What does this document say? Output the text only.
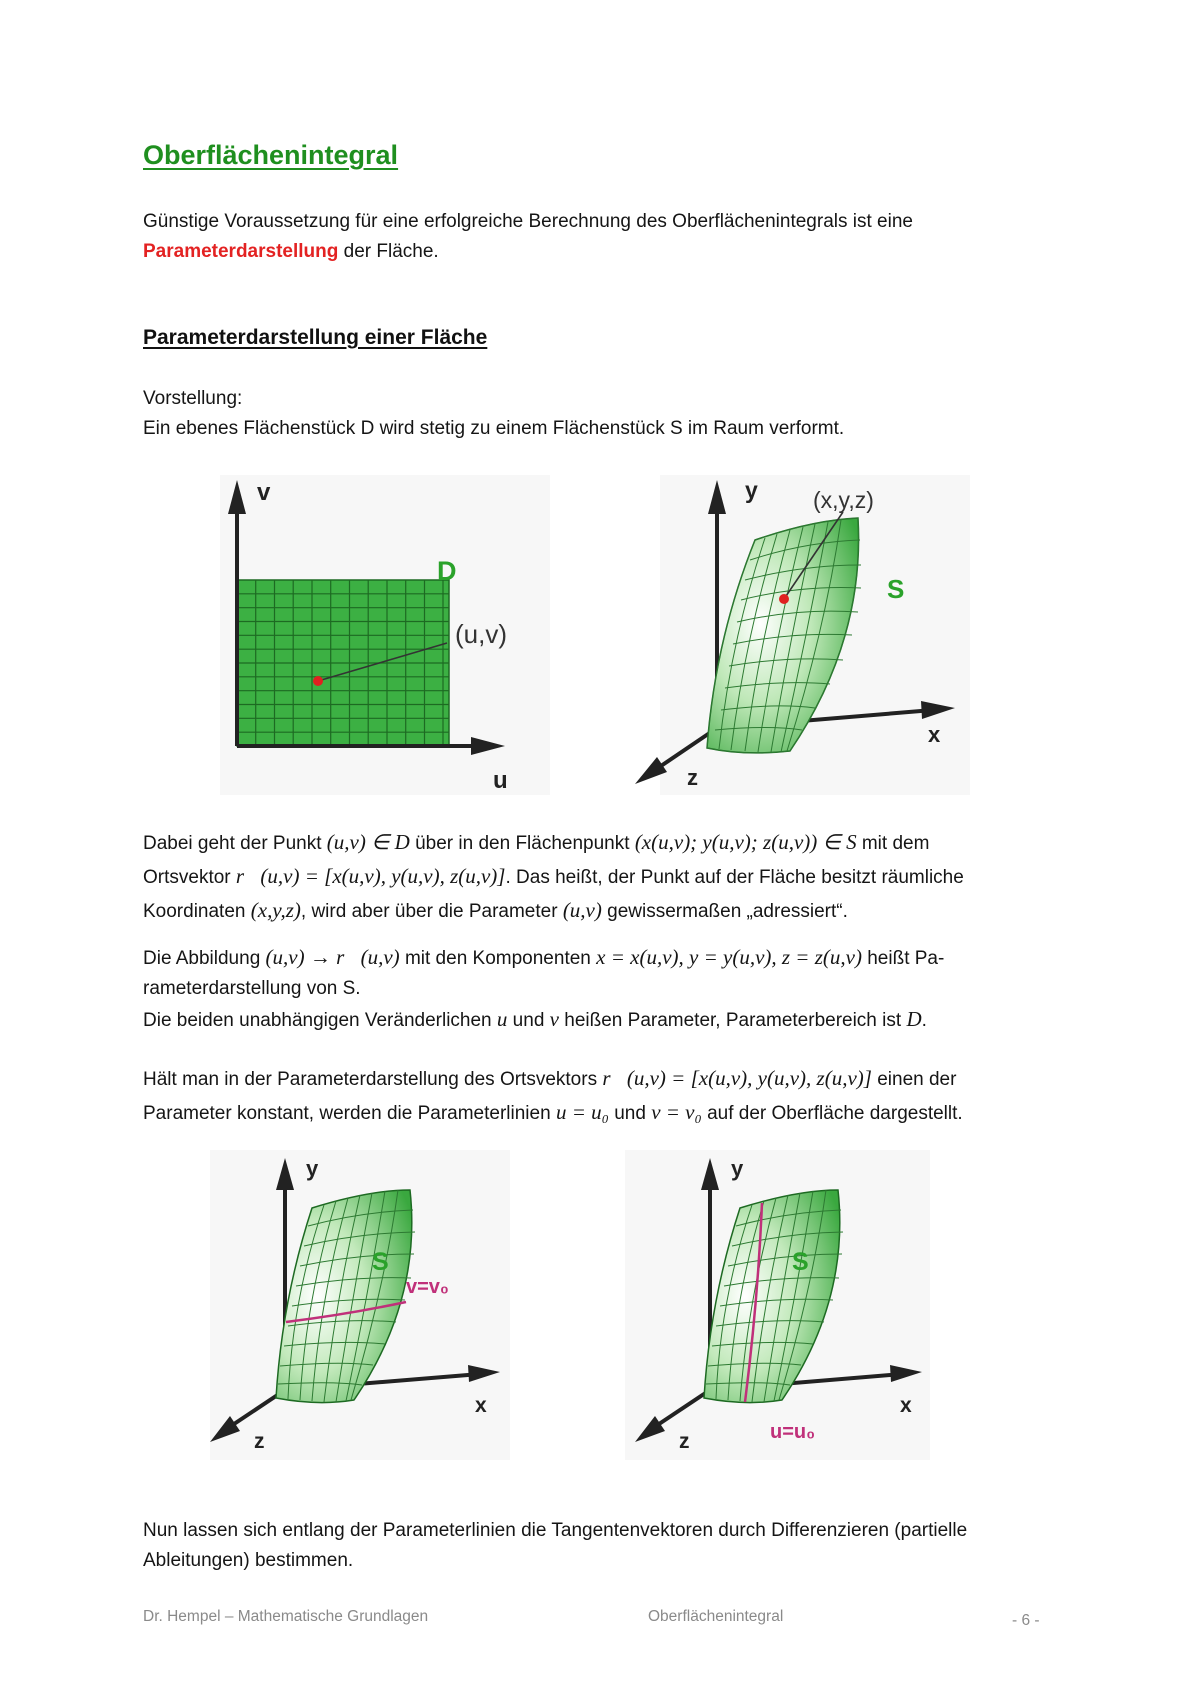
Oberflächenintegral
Günstige Voraussetzung für eine erfolgreiche Berechnung des Oberflächenintegrals ist eine
Parameterdarstellung der Fläche.
Parameterdarstellung einer Fläche
Vorstellung:
Ein ebenes Flächenstück D wird stetig zu einem Flächenstück S im Raum verformt.
v
u
D
(u,v)
(x,y,z)
S
y
x
z
Dabei geht der Punkt (u,v) ∈ D über in den Flächenpunkt (x(u,v); y(u,v); z(u,v)) ∈ S mit dem
Ortsvektor r⃗(u,v) = [x(u,v), y(u,v), z(u,v)]. Das heißt, der Punkt auf der Fläche besitzt räumliche
Koordinaten (x,y,z), wird aber über die Parameter (u,v) gewissermaßen „adressiert“.
Die Abbildung (u,v) → r⃗(u,v) mit den Komponenten x = x(u,v), y = y(u,v), z = z(u,v) heißt Pa-
rameterdarstellung von S.
Die beiden unabhängigen Veränderlichen u und v heißen Parameter, Parameterbereich ist D.
Hält man in der Parameterdarstellung des Ortsvektors r⃗(u,v) = [x(u,v), y(u,v), z(u,v)] einen der
Parameter konstant, werden die Parameterlinien u = u₀ und v = v₀ auf der Oberfläche dargestellt.
S
v=v₀
y
x
z
S
u=u₀
y
x
z
Nun lassen sich entlang der Parameterlinien die Tangentenvektoren durch Differenzieren (partielle
Ableitungen) bestimmen.
Dr. Hempel – Mathematische Grundlagen	Oberflächenintegral	- 6 -
